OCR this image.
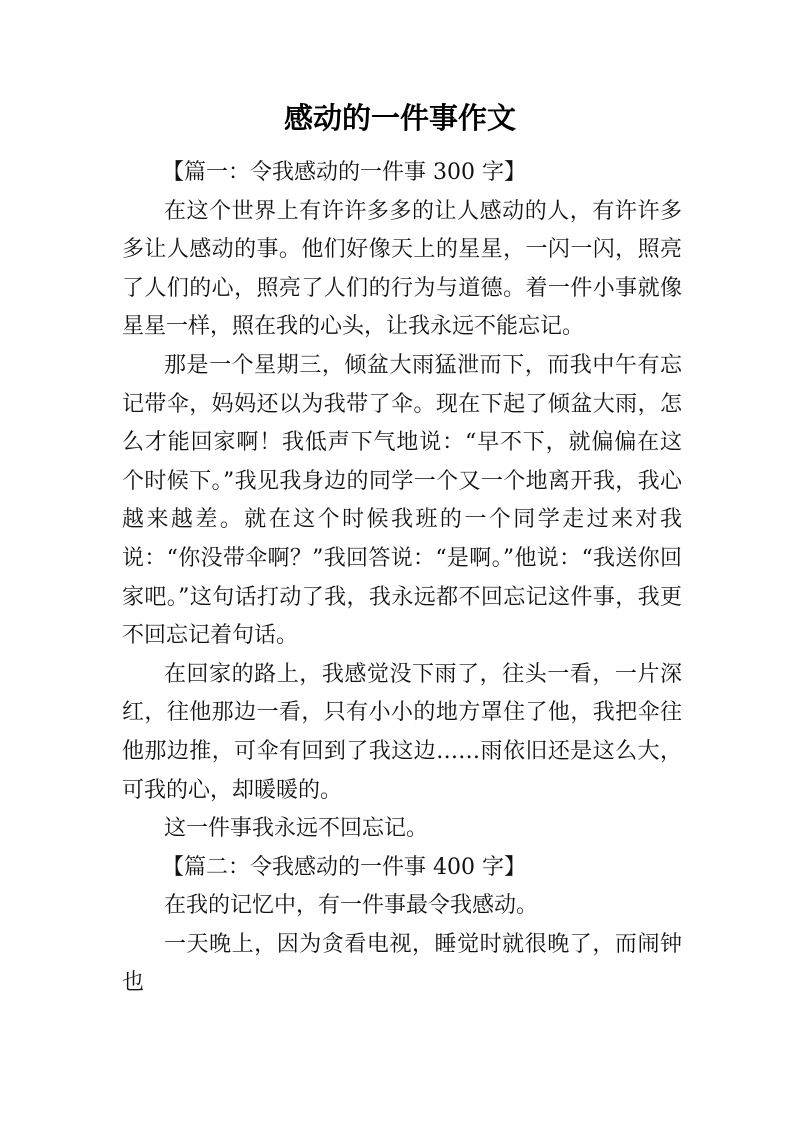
感动的一件事作文

【篇一：令我感动的一件事 300 字】

在这个世界上有许许多多的让人感动的人，有许许多多让人感动的事。他们好像天上的星星，一闪一闪，照亮了人们的心，照亮了人们的行为与道德。着一件小事就像星星一样，照在我的心头，让我永远不能忘记。

那是一个星期三，倾盆大雨猛泄而下，而我中午有忘记带伞，妈妈还以为我带了伞。现在下起了倾盆大雨，怎么才能回家啊！我低声下气地说：“早不下，就偏偏在这个时候下。”我见我身边的同学一个又一个地离开我，我心越来越差。就在这个时候我班的一个同学走过来对我说：“你没带伞啊？”我回答说：“是啊。”他说：“我送你回家吧。”这句话打动了我，我永远都不回忘记这件事，我更不回忘记着句话。

在回家的路上，我感觉没下雨了，往头一看，一片深红，往他那边一看，只有小小的地方罩住了他，我把伞往他那边推，可伞有回到了我这边……雨依旧还是这么大，可我的心，却暖暖的。

这一件事我永远不回忘记。

【篇二：令我感动的一件事 400 字】

在我的记忆中，有一件事最令我感动。

一天晚上，因为贪看电视，睡觉时就很晚了，而闹钟也
